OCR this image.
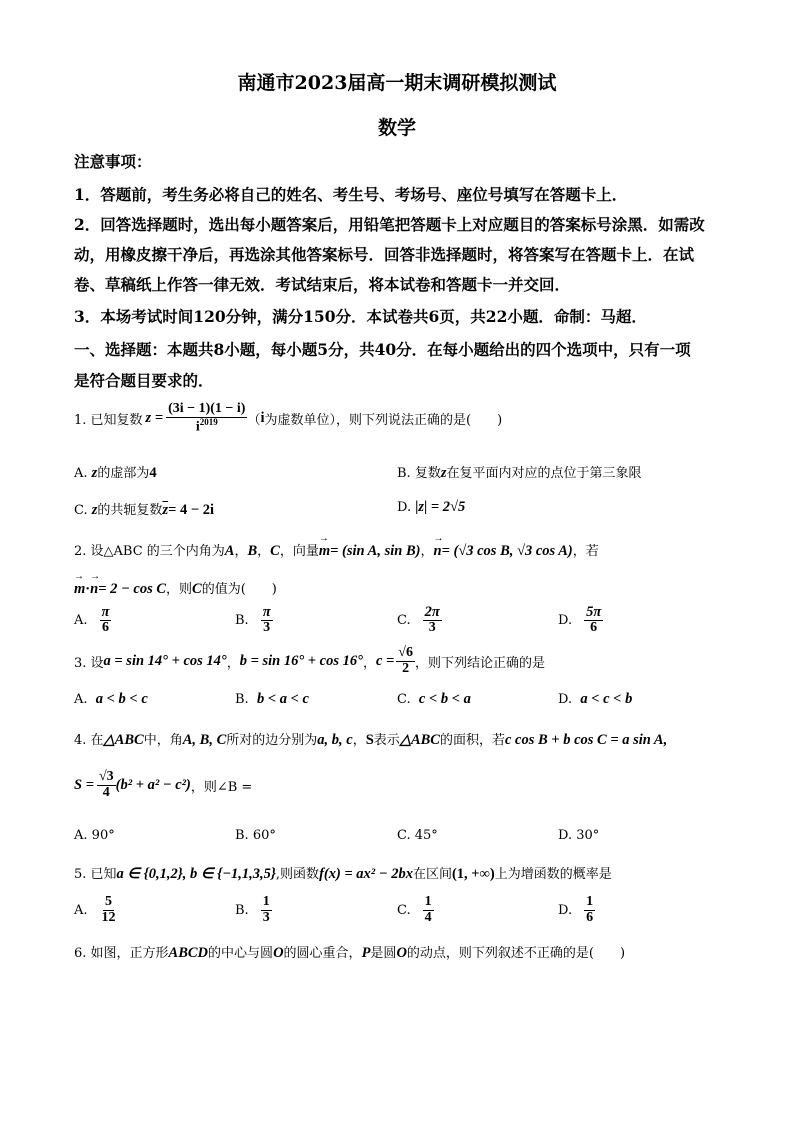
南通市2023届高一期末调研模拟测试
数学
注意事项：
1．答题前，考生务必将自己的姓名、考生号、考场号、座位号填写在答题卡上．
2．回答选择题时，选出每小题答案后，用铅笔把答题卡上对应题目的答案标号涂黑．如需改
动，用橡皮擦干净后，再选涂其他答案标号．回答非选择题时，将答案写在答题卡上．在试
卷、草稿纸上作答一律无效．考试结束后，将本试卷和答题卡一并交回．
3．本场考试时间120分钟，满分150分．本试卷共6页，共22小题．命制：马超．
一、选择题：本题共8小题，每小题5分，共40分．在每小题给出的四个选项中，只有一项
是符合题目要求的．
1. 已知复数 $z = \frac{(3i - 1)(1 - i)}{i^{2019}}$ （ i 为虚数单位），则下列说法正确的是(　　)
A. z的虚部为4	B. 复数z在复平面内对应的点位于第三象限
C. z的共轭复数$\overline{z}= 4 - 2i$	D. |z| = 2√5
2. 设△ABC 的三个内角为A，B，C，向量→ m= (sin A, sin B)，→ n= (√3 cos B, √3 cos A)，若
→ m·→ n= 2 − cos C，则C的值为(　　)
A. $\frac{\pi}{6}$	B. $\frac{\pi}{3}$	C. $\frac{2\pi}{3}$	D. $\frac{5\pi}{6}$
3. 设 a = sin 14° + cos 14° ， b = sin 16° + cos 16° ， $c = \frac{√6}{2}$ ，则下列结论正确的是
A. a < b < c	B. b < a < c	C. c < b < a	D. a < c < b
4. 在△ABC中，角A, B, C所对的边分别为a, b, c，S表示△ABC的面积，若c cos B + b cos C = a sin A,
$S = \frac{√3}{4} (b^2 + a^2 - c^2)$ ，则∠B =
A. 90°	B. 60°	C. 45°	D. 30°
5. 已知a ∈ {0,1,2}, b ∈ {−1,1,3,5},则函数f(x) = ax² − 2bx在区间(1, +∞)上为增函数的概率是
A. $\frac{5}{12}$	B. $\frac{1}{3}$	C. $\frac{1}{4}$	D. $\frac{1}{6}$
6. 如图，正方形ABCD的中心与圆O的圆心重合，P是圆O的动点，则下列叙述不正确的是(　　)
